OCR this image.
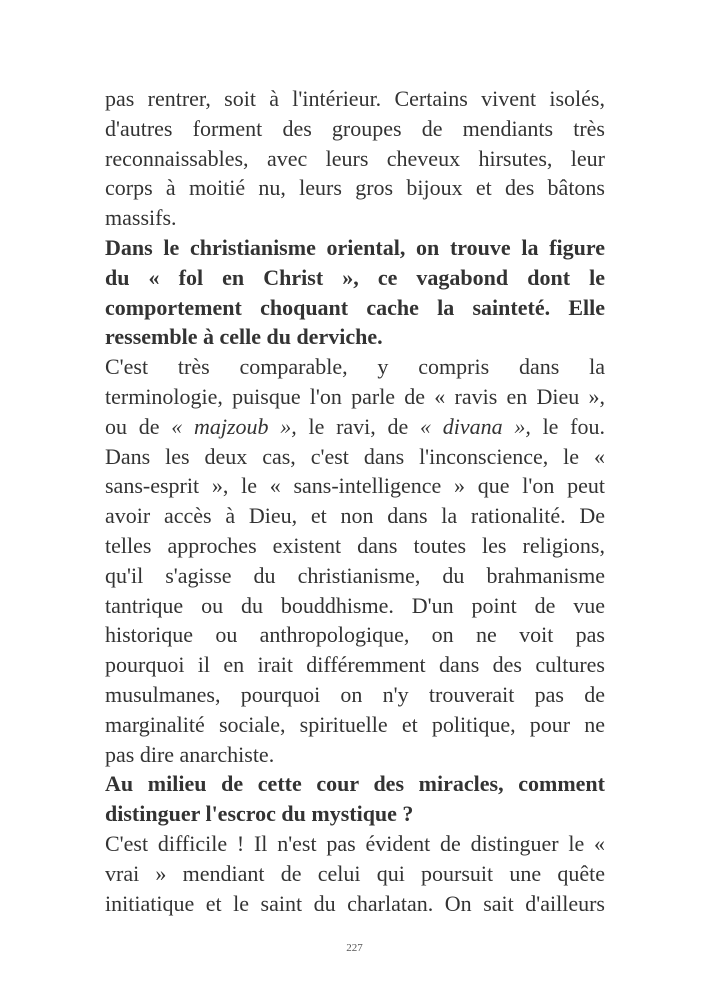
pas rentrer, soit à l'intérieur. Certains vivent isolés,
d'autres forment des groupes de mendiants très
reconnaissables, avec leurs cheveux hirsutes, leur
corps à moitié nu, leurs gros bijoux et des bâtons
massifs.
Dans le christianisme oriental, on trouve la figure
du « fol en Christ », ce vagabond dont le
comportement choquant cache la sainteté. Elle
ressemble à celle du derviche.
C'est très comparable, y compris dans la
terminologie, puisque l'on parle de « ravis en Dieu »,
ou de « majzoub », le ravi, de « divana », le fou.
Dans les deux cas, c'est dans l'inconscience, le «
sans-esprit », le « sans-intelligence » que l'on peut
avoir accès à Dieu, et non dans la rationalité. De
telles approches existent dans toutes les religions,
qu'il s'agisse du christianisme, du brahmanisme
tantrique ou du bouddhisme. D'un point de vue
historique ou anthropologique, on ne voit pas
pourquoi il en irait différemment dans des cultures
musulmanes, pourquoi on n'y trouverait pas de
marginalité sociale, spirituelle et politique, pour ne
pas dire anarchiste.
Au milieu de cette cour des miracles, comment
distinguer l'escroc du mystique ?
C'est difficile ! Il n'est pas évident de distinguer le «
vrai » mendiant de celui qui poursuit une quête
initiatique et le saint du charlatan. On sait d'ailleurs
227
